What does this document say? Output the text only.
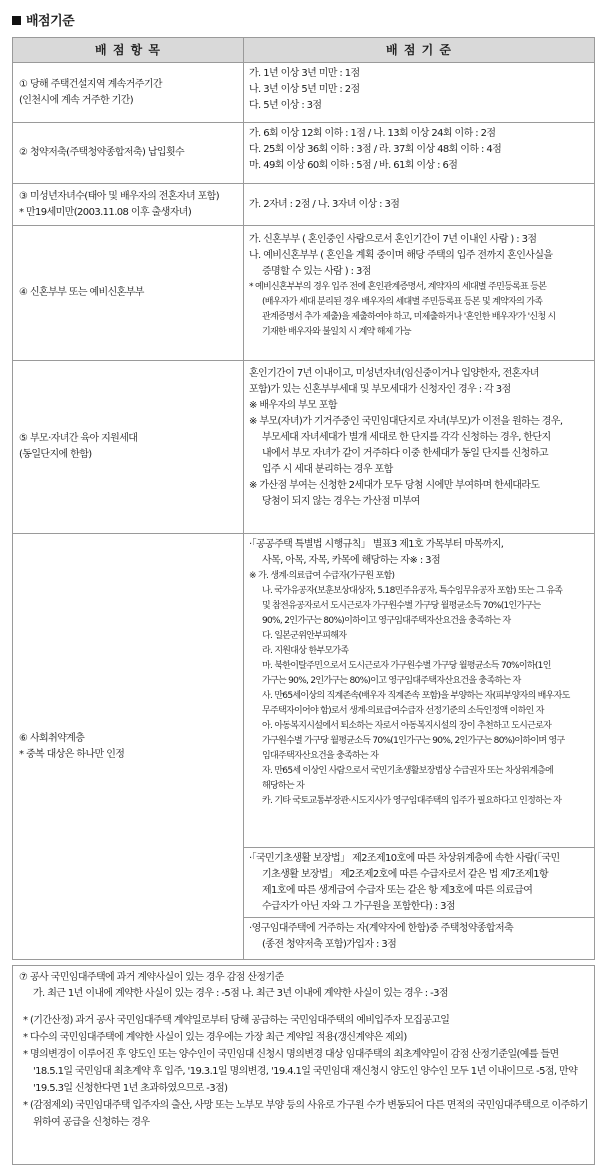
배점기준
배 점 항 목	배 점 기 준
① 당해 주택건설지역 계속거주기간
(인천시에 계속 거주한 기간)
가. 1년 이상 3년 미만 : 1점
나. 3년 이상 5년 미만 : 2점
다. 5년 이상 : 3점
② 청약저축(주택청약종합저축) 납입횟수
가. 6회 이상 12회 이하 : 1점 / 나. 13회 이상 24회 이하 : 2점
다. 25회 이상 36회 이하 : 3점 / 라. 37회 이상 48회 이하 : 4점
마. 49회 이상 60회 이하 : 5점 / 바. 61회 이상 : 6점
③ 미성년자녀수(태아 및 배우자의 전혼자녀 포함)
* 만19세미만(2003.11.08 이후 출생자녀)
가. 2자녀 : 2점 / 나. 3자녀 이상 : 3점
④ 신혼부부 또는 예비신혼부부
가. 신혼부부 ( 혼인중인 사람으로서 혼인기간이 7년 이내인 사람 ) : 3점
나. 예비신혼부부 ( 혼인을 계획 중이며 해당 주택의 입주 전까지 혼인사실을
증명할 수 있는 사람 ) : 3점
* 예비신혼부부의 경우 입주 전에 혼인관계증명서, 계약자의 세대별 주민등록표 등본
(배우자가 세대 분리된 경우 배우자의 세대별 주민등록표 등본 및 계약자의 가족
관계증명서 추가 제출)을 제출하여야 하고, 미제출하거나 '혼인한 배우자'가 '신청 시
기재한 배우자와 불일치 시 계약 해제 가능
⑤ 부모·자녀간 육아 지원세대
(동일단지에 한함)
혼인기간이 7년 이내이고, 미성년자녀(임신중이거나 입양한자, 전혼자녀
포함)가 있는 신혼부부세대 및 부모세대가 신청자인 경우 : 각 3점
※ 배우자의 부모 포함
※ 부모(자녀)가 기거주중인 국민임대단지로 자녀(부모)가 이전을 원하는 경우,
부모세대 자녀세대가 별개 세대로 한 단지를 각각 신청하는 경우, 한단지
내에서 부모 자녀가 같이 거주하다 이중 한세대가 동일 단지를 신청하고
입주 시 세대 분리하는 경우 포함
※ 가산점 부여는 신청한 2세대가 모두 당첨 시에만 부여하며 한세대라도
당첨이 되지 않는 경우는 가산점 미부여
⑥ 사회취약계층
* 중복 대상은 하나만 인정
·「공공주택 특별법 시행규칙」 별표3 제1호 가목부터 마목까지,
사목, 아목, 자목, 카목에 해당하는 자※ : 3점
※ 가. 생계·의료급여 수급자(가구원 포함)
나. 국가유공자(보훈보상대상자, 5.18민주유공자, 특수임무유공자 포함) 또는 그 유족
및 참전유공자로서 도시근로자 가구원수별 가구당 월평균소득 70%(1인가구는
90%, 2인가구는 80%)이하이고 영구임대주택자산요건을 충족하는 자
다. 일본군위안부피해자
라. 지원대상 한부모가족
마. 북한이탈주민으로서 도시근로자 가구원수별 가구당 월평균소득 70%이하(1인
가구는 90%, 2인가구는 80%)이고 영구임대주택자산요건을 충족하는 자
사. 만65세이상의 직계존속(배우자 직계존속 포함)을 부양하는 자(피부양자의 배우자도
무주택자이어야 함)로서 생계·의료급여수급자 선정기준의 소득인정액 이하인 자
아. 아동복지시설에서 퇴소하는 자로서 아동복지시설의 장이 추천하고 도시근로자
가구원수별 가구당 월평균소득 70%(1인가구는 90%, 2인가구는 80%)이하이며 영구
임대주택자산요건을 충족하는 자
자. 만65세 이상인 사람으로서 국민기초생활보장법상 수급권자 또는 차상위계층에
해당하는 자
카. 기타 국토교통부장관·시도지사가 영구임대주택의 입주가 필요하다고 인정하는 자
·「국민기초생활 보장법」 제2조제10호에 따른 차상위계층에 속한 사람(「국민
기초생활 보장법」 제2조제2호에 따른 수급자로서 같은 법 제7조제1항
제1호에 따른 생계급여 수급자 또는 같은 항 제3호에 따른 의료급여
수급자가 아닌 자와 그 가구원을 포함한다) : 3점
·영구임대주택에 거주하는 자(계약자에 한함)중 주택청약종합저축
(종전 청약저축 포함)가입자 : 3점
⑦ 공사 국민임대주택에 과거 계약사실이 있는 경우 감점 산정기준
가. 최근 1년 이내에 계약한 사실이 있는 경우 : -5점 나. 최근 3년 이내에 계약한 사실이 있는 경우 : -3점
* (기간산정) 과거 공사 국민임대주택 계약일로부터 당해 공급하는 국민임대주택의 예비입주자 모집공고일
* 다수의 국민임대주택에 계약한 사실이 있는 경우에는 가장 최근 계약일 적용(갱신계약은 제외)
* 명의변경이 이루어진 후 양도인 또는 양수인이 국민임대 신청시 명의변경 대상 임대주택의 최초계약일이 감점 산정기준일(예를 들면 '18.5.1일 국민임대 최초계약 후 입주, '19.3.1일 명의변경, '19.4.1일 국민임대 재신청시 양도인 양수인 모두 1년 이내이므로 -5점, 만약 '19.5.3일 신청한다면 1년 초과하였으므로 -3점)
* (감점제외) 국민임대주택 입주자의 출산, 사망 또는 노부모 부양 등의 사유로 가구원 수가 변동되어 다른 면적의 국민임대주택으로 이주하기 위하여 공급을 신청하는 경우
